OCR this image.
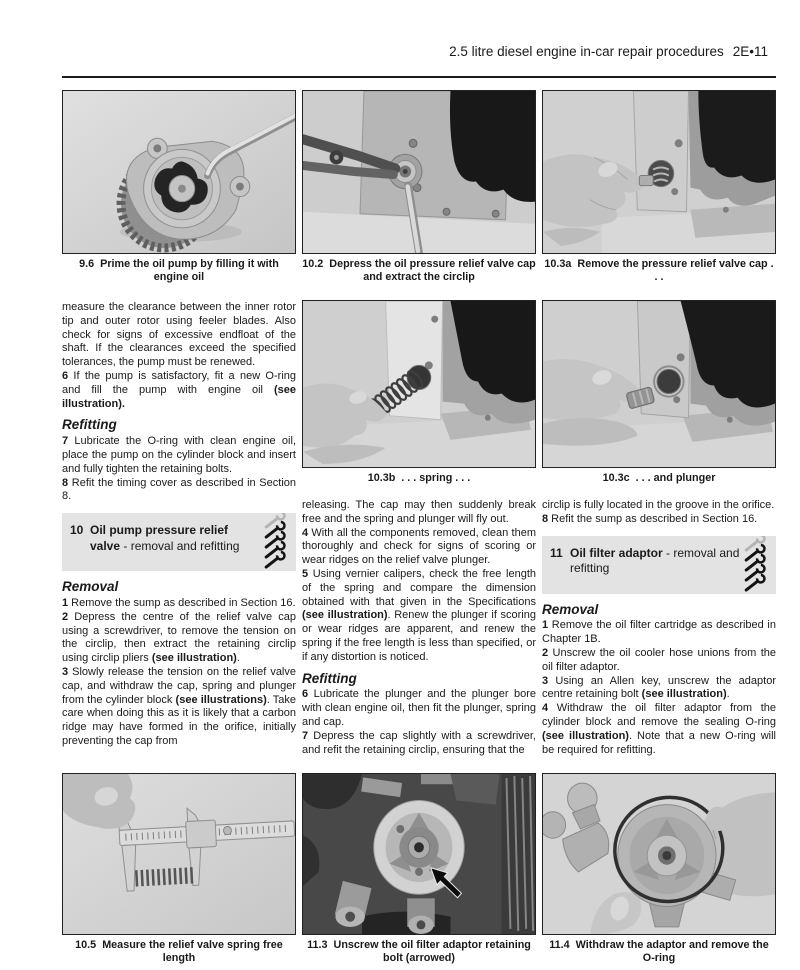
2.5 litre diesel engine in-car repair procedures 2E•11
9.6 Prime the oil pump by filling it with engine oil
10.2 Depress the oil pressure relief valve cap and extract the circlip
10.3a Remove the pressure relief valve cap . . .
10.3b . . . spring . . .	10.3c . . . and plunger
10.5 Measure the relief valve spring free length
11.3 Unscrew the oil filter adaptor retaining bolt (arrowed)
11.4 Withdraw the adaptor and remove the O-ring

measure the clearance between the inner rotor tip and outer rotor using feeler blades. Also check for signs of excessive endfloat of the shaft. If the clearances exceed the specified tolerances, the pump must be renewed.

6 If the pump is satisfactory, fit a new O-ring and fill the pump with engine oil (see illustration).

Refitting

7 Lubricate the O-ring with clean engine oil, place the pump on the cylinder block and insert and fully tighten the retaining bolts.

8 Refit the timing cover as described in Section 8.

10 Oil pump pressure relief valve - removal and refitting
Removal

1 Remove the sump as described in Section 16.

2 Depress the centre of the relief valve cap using a screwdriver, to remove the tension on the circlip, then extract the retaining circlip using circlip pliers (see illustration).

3 Slowly release the tension on the relief valve cap, and withdraw the cap, spring and plunger from the cylinder block (see illustrations). Take care when doing this as it is likely that a carbon ridge may have formed in the orifice, initially preventing the cap from

releasing. The cap may then suddenly break free and the spring and plunger will fly out.

4 With all the components removed, clean them thoroughly and check for signs of scoring or wear ridges on the relief valve plunger.

5 Using vernier calipers, check the free length of the spring and compare the dimension obtained with that given in the Specifications (see illustration). Renew the plunger if scoring or wear ridges are apparent, and renew the spring if the free length is less than specified, or if any distortion is noticed.

Refitting

6 Lubricate the plunger and the plunger bore with clean engine oil, then fit the plunger, spring and cap.

7 Depress the cap slightly with a screwdriver, and refit the retaining circlip, ensuring that the

circlip is fully located in the groove in the orifice.

8 Refit the sump as described in Section 16.

11 Oil filter adaptor - removal and refitting
Removal

1 Remove the oil filter cartridge as described in Chapter 1B.

2 Unscrew the oil cooler hose unions from the oil filter adaptor.

3 Using an Allen key, unscrew the adaptor centre retaining bolt (see illustration).

4 Withdraw the oil filter adaptor from the cylinder block and remove the sealing O-ring (see illustration). Note that a new O-ring will be required for refitting.
